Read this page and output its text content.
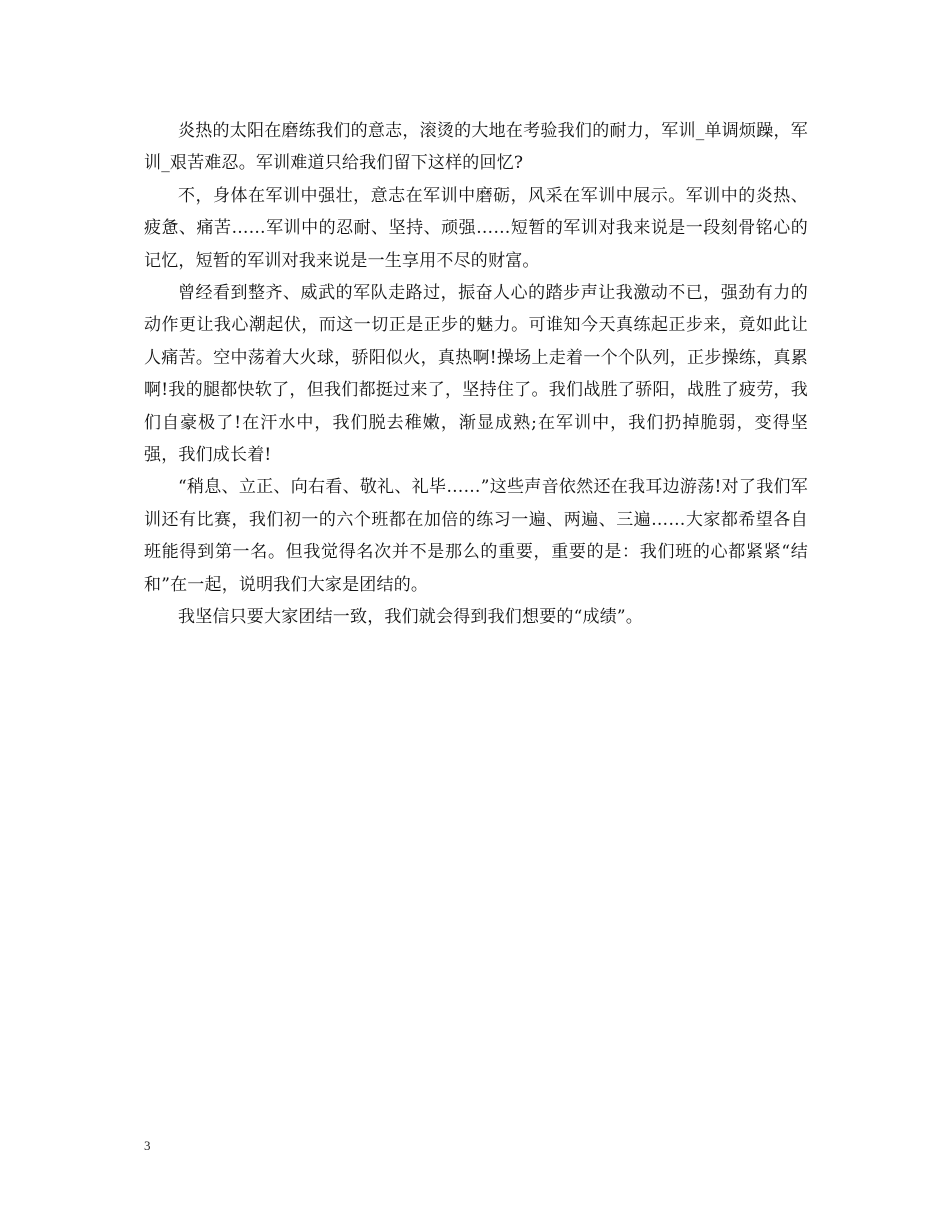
炎热的太阳在磨练我们的意志，滚烫的大地在考验我们的耐力，军训_单调烦躁，军训_艰苦难忍。军训难道只给我们留下这样的回忆?

不，身体在军训中强壮，意志在军训中磨砺，风采在军训中展示。军训中的炎热、疲惫、痛苦……军训中的忍耐、坚持、顽强……短暂的军训对我来说是一段刻骨铭心的记忆，短暂的军训对我来说是一生享用不尽的财富。

曾经看到整齐、威武的军队走路过，振奋人心的踏步声让我激动不已，强劲有力的动作更让我心潮起伏，而这一切正是正步的魅力。可谁知今天真练起正步来，竟如此让人痛苦。空中荡着大火球，骄阳似火，真热啊!操场上走着一个个队列，正步操练，真累啊!我的腿都快软了，但我们都挺过来了，坚持住了。我们战胜了骄阳，战胜了疲劳，我们自豪极了!在汗水中，我们脱去稚嫩，渐显成熟;在军训中，我们扔掉脆弱，变得坚强，我们成长着!

“稍息、立正、向右看、敬礼、礼毕……”这些声音依然还在我耳边游荡!对了我们军训还有比赛，我们初一的六个班都在加倍的练习一遍、两遍、三遍……大家都希望各自班能得到第一名。但我觉得名次并不是那么的重要，重要的是：我们班的心都紧紧“结和”在一起，说明我们大家是团结的。

我坚信只要大家团结一致，我们就会得到我们想要的“成绩”。

3
